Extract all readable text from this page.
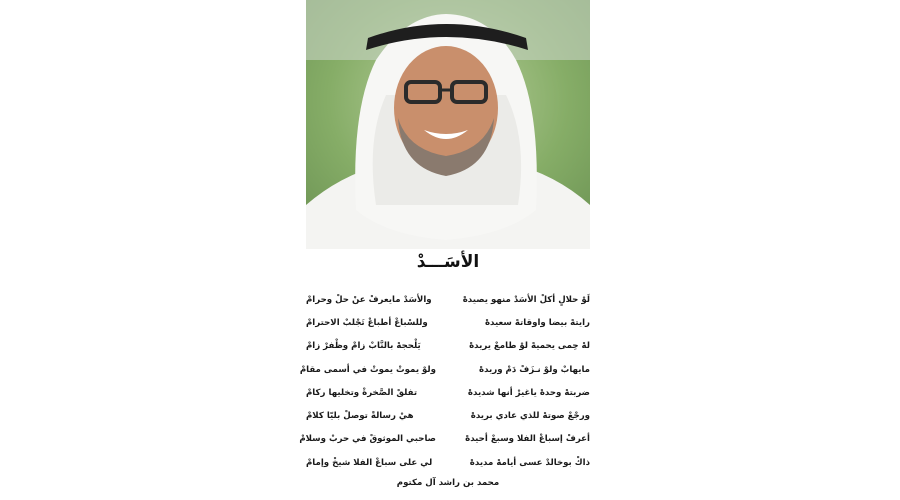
الأسَـــدْ
لَوْ حلالٍ أكلْ الأسَدْ منهو يصيدهْ
والأسَدْ مايعرفْ عنْ حلْ وحرامْ
رايتهْ بيضا واوقاتهْ سعيدهْ
وللسْباعْ أطباعْ تَجْلبْ الاحترامْ
لهْ حِمى يحميهْ لوْ طامعْ يريدهْ
يَلْحجهْ بالنَّابْ زامْ وظْفرْ زامْ
مايهابْ ولوْ نـزَفْ دَمْ وريدهْ
ولوْ يموتْ يموتْ في أسمى مقامْ
ضربتهْ وحدهْ ياغيرْ أنها شديدهْ
تفلقْ الصَّخرةْ وتخليها ركامْ
ورجْعْ صوتهْ للذي عادي بريدهْ
هيْ رسالةْ توصلْ بليّا كلامْ
أعرفْ إسباعْ الفلا وسبعْ أحيدهْ
صاحبي الموثوقْ في حربْ وسلامْ
ذاكْ بوخالدْ عسى أيامهْ مديدهْ
لي على سباعْ الفلا شيخْ وإمامْ
محمد بن راشد آل مكتوم
